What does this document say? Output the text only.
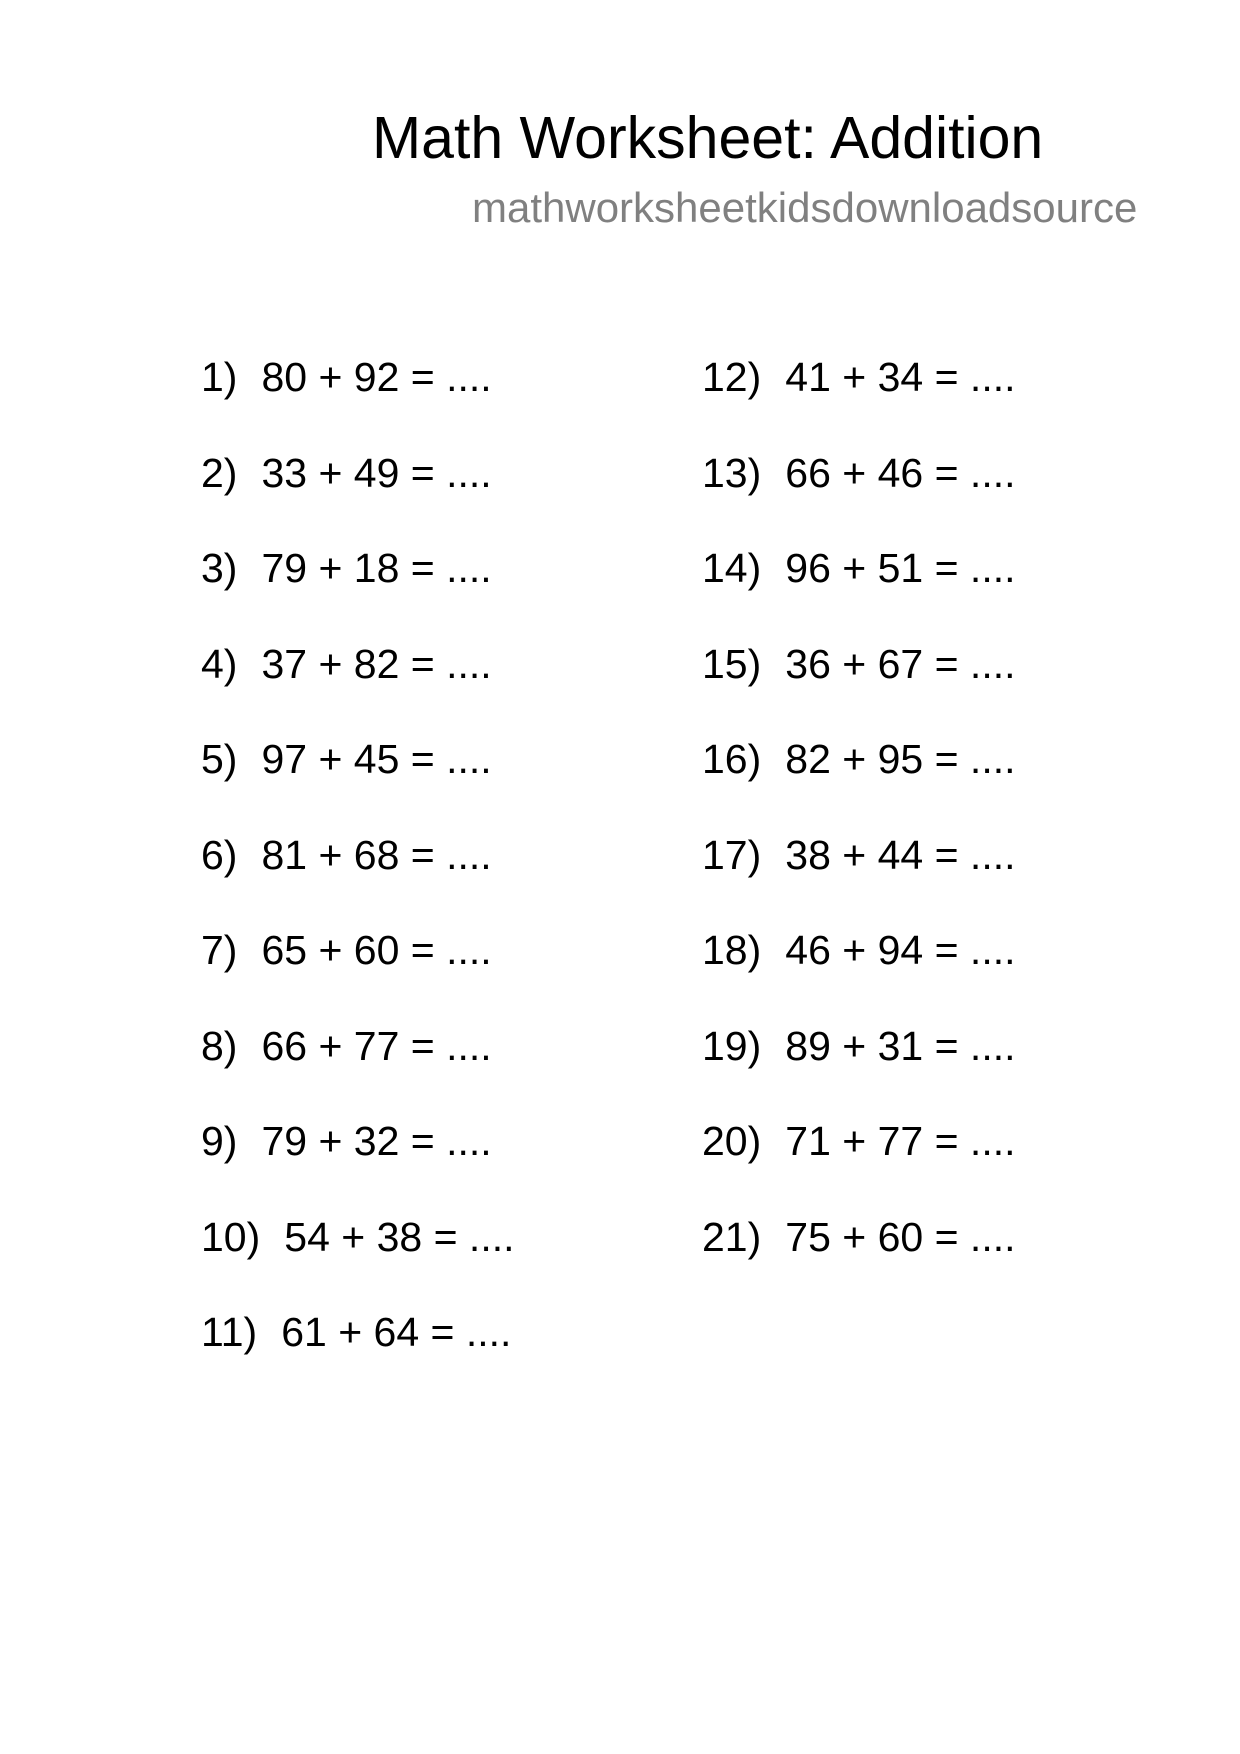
Math Worksheet: Addition
mathworksheetkidsdownloadsource
1) 80 + 92 = ....
2) 33 + 49 = ....
3) 79 + 18 = ....
4) 37 + 82 = ....
5) 97 + 45 = ....
6) 81 + 68 = ....
7) 65 + 60 = ....
8) 66 + 77 = ....
9) 79 + 32 = ....
10) 54 + 38 = ....
11) 61 + 64 = ....
12) 41 + 34 = ....
13) 66 + 46 = ....
14) 96 + 51 = ....
15) 36 + 67 = ....
16) 82 + 95 = ....
17) 38 + 44 = ....
18) 46 + 94 = ....
19) 89 + 31 = ....
20) 71 + 77 = ....
21) 75 + 60 = ....
